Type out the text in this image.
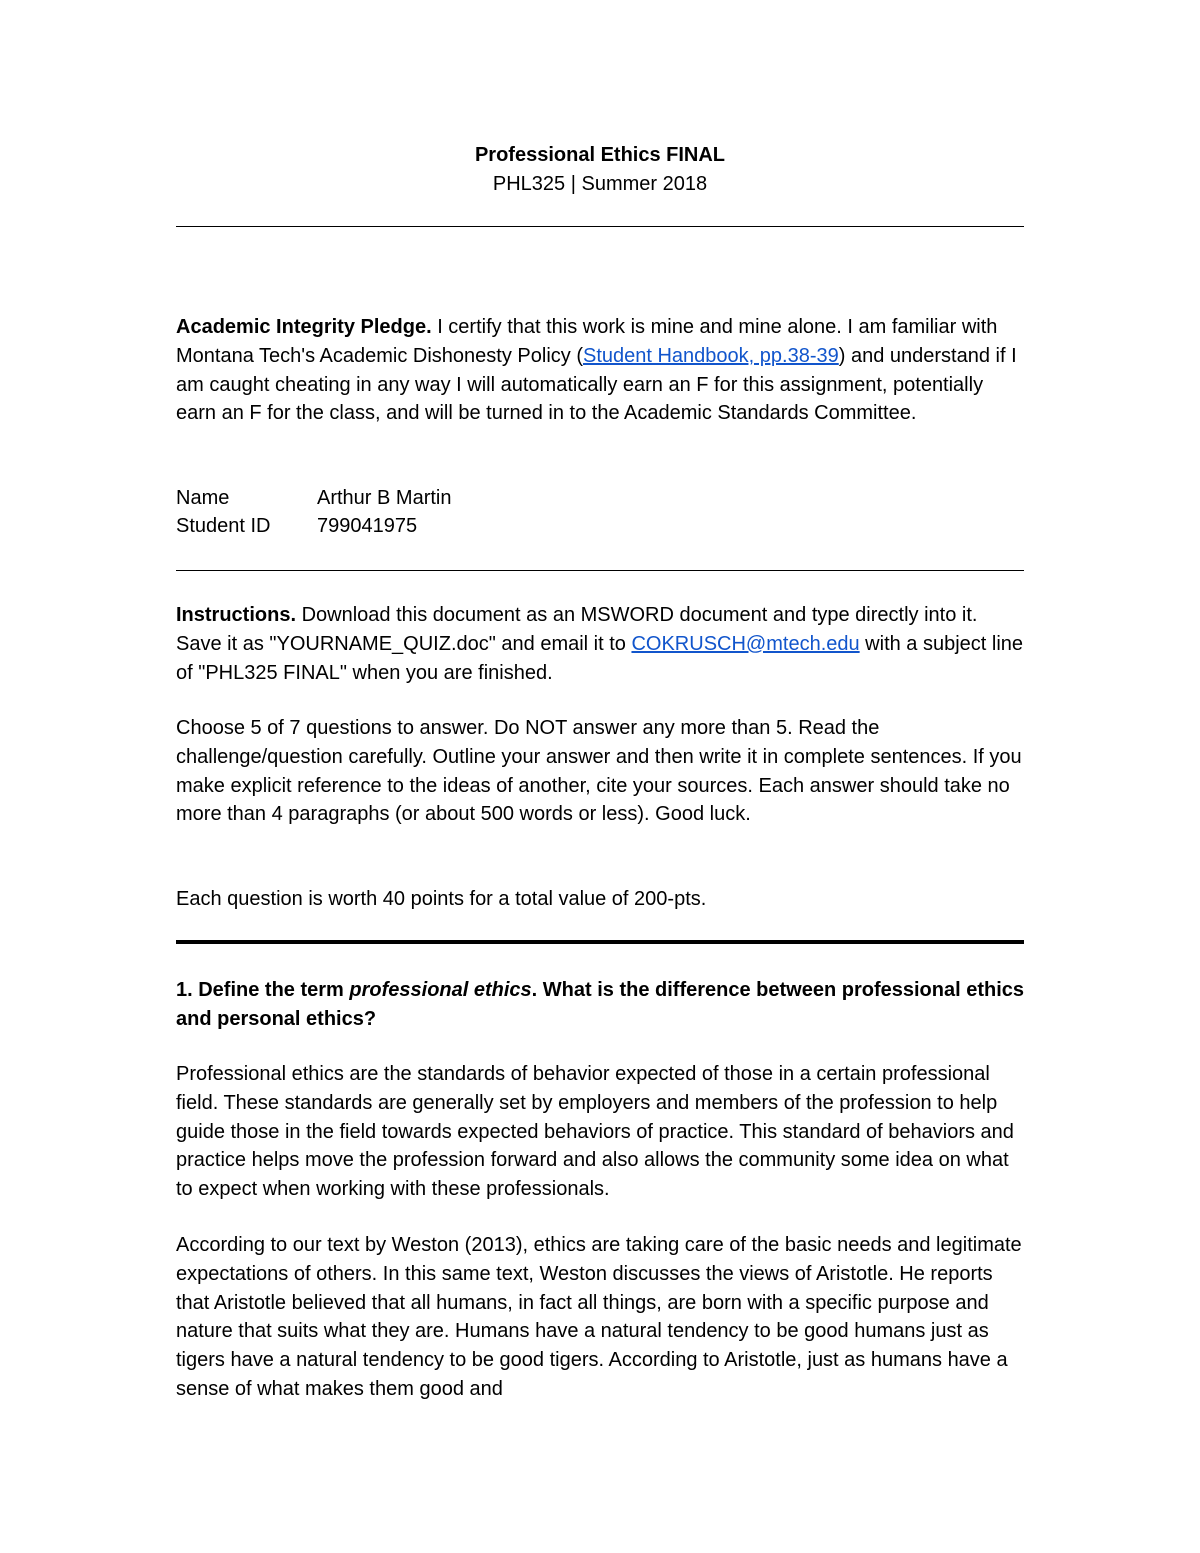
Professional Ethics FINAL
PHL325 | Summer 2018

Academic Integrity Pledge. I certify that this work is mine and mine alone. I am familiar with Montana Tech's Academic Dishonesty Policy (Student Handbook, pp.38-39) and understand if I am caught cheating in any way I will automatically earn an F for this assignment, potentially earn an F for the class, and will be turned in to the Academic Standards Committee.

Name	Arthur B Martin
Student ID	799041975

Instructions. Download this document as an MSWORD document and type directly into it. Save it as "YOURNAME_QUIZ.doc" and email it to COKRUSCH@mtech.edu with a subject line of "PHL325 FINAL" when you are finished.

Choose 5 of 7 questions to answer. Do NOT answer any more than 5. Read the challenge/question carefully. Outline your answer and then write it in complete sentences. If you make explicit reference to the ideas of another, cite your sources. Each answer should take no more than 4 paragraphs (or about 500 words or less). Good luck.

Each question is worth 40 points for a total value of 200-pts.

1. Define the term professional ethics. What is the difference between professional ethics and personal ethics?

Professional ethics are the standards of behavior expected of those in a certain professional field. These standards are generally set by employers and members of the profession to help guide those in the field towards expected behaviors of practice. This standard of behaviors and practice helps move the profession forward and also allows the community some idea on what to expect when working with these professionals.

According to our text by Weston (2013), ethics are taking care of the basic needs and legitimate expectations of others. In this same text, Weston discusses the views of Aristotle. He reports that Aristotle believed that all humans, in fact all things, are born with a specific purpose and nature that suits what they are. Humans have a natural tendency to be good humans just as tigers have a natural tendency to be good tigers. According to Aristotle, just as humans have a sense of what makes them good and
